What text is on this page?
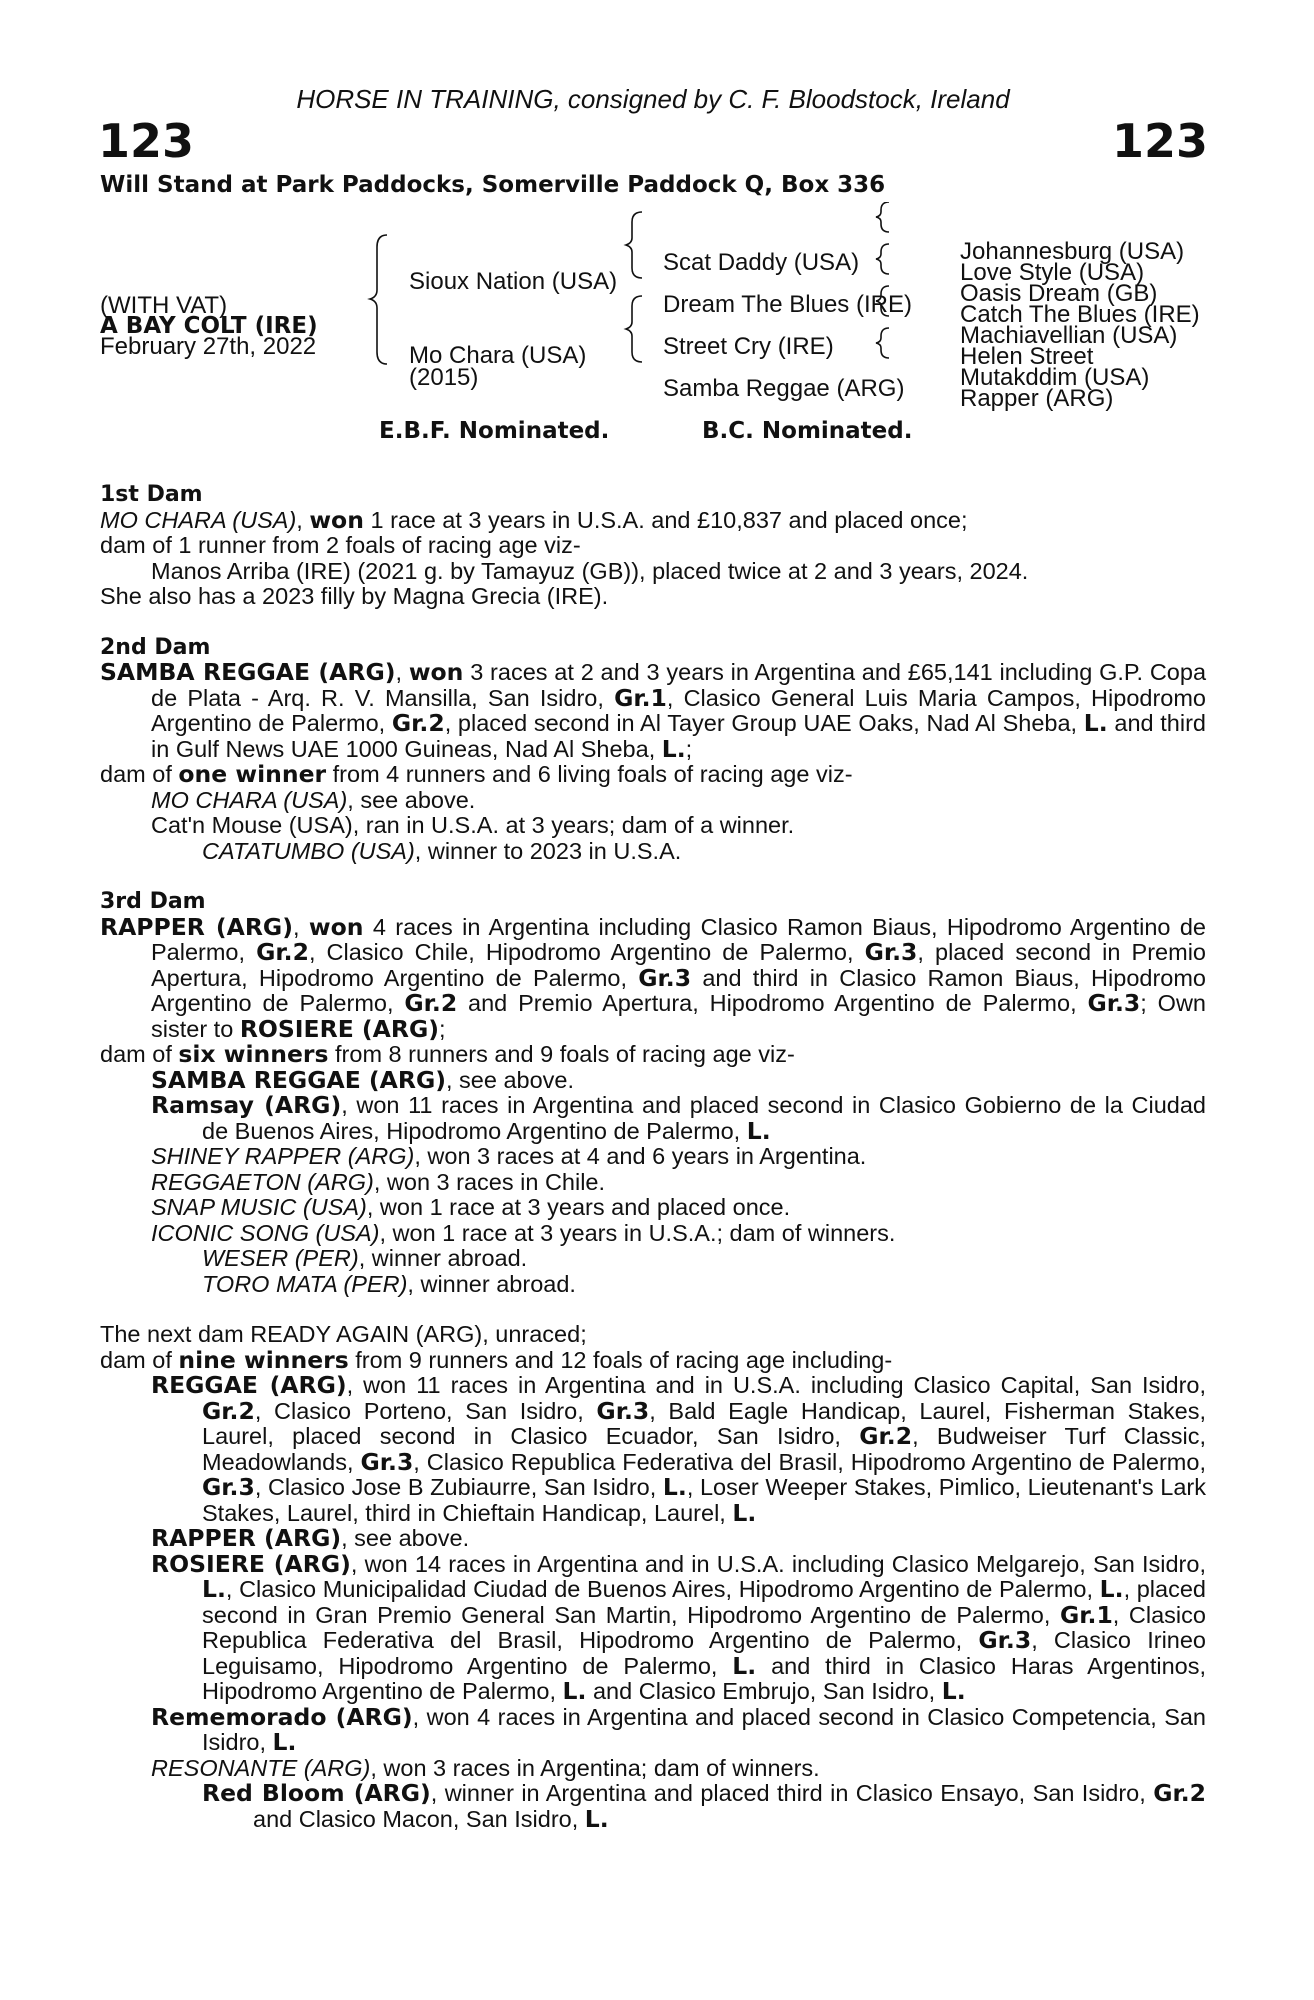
HORSE IN TRAINING, consigned by C. F. Bloodstock, Ireland
123	123
Will Stand at Park Paddocks, Somerville Paddock Q, Box 336
(WITH VAT)
A BAY COLT (IRE)
February 27th, 2022
Sioux Nation (USA)
Mo Chara (USA)
(2015)
Scat Daddy (USA)
Dream The Blues (IRE)
Street Cry (IRE)
Samba Reggae (ARG)
Johannesburg (USA)
Love Style (USA)
Oasis Dream (GB)
Catch The Blues (IRE)
Machiavellian (USA)
Helen Street
Mutakddim (USA)
Rapper (ARG)
E.B.F. Nominated.	B.C. Nominated.

1st Dam

MO CHARA (USA), won 1 race at 3 years in U.S.A. and £10,837 and placed once;

dam of 1 runner from 2 foals of racing age viz-

Manos Arriba (IRE) (2021 g. by Tamayuz (GB)), placed twice at 2 and 3 years, 2024.

She also has a 2023 filly by Magna Grecia (IRE).

2nd Dam

SAMBA REGGAE (ARG), won 3 races at 2 and 3 years in Argentina and £65,141 including G.P. Copa de Plata - Arq. R. V. Mansilla, San Isidro, Gr.1, Clasico General Luis Maria Campos, Hipodromo Argentino de Palermo, Gr.2, placed second in Al Tayer Group UAE Oaks, Nad Al Sheba, L. and third in Gulf News UAE 1000 Guineas, Nad Al Sheba, L.;

dam of one winner from 4 runners and 6 living foals of racing age viz-

MO CHARA (USA), see above.

Cat'n Mouse (USA), ran in U.S.A. at 3 years; dam of a winner.

CATATUMBO (USA), winner to 2023 in U.S.A.

3rd Dam

RAPPER (ARG), won 4 races in Argentina including Clasico Ramon Biaus, Hipodromo Argentino de Palermo, Gr.2, Clasico Chile, Hipodromo Argentino de Palermo, Gr.3, placed second in Premio Apertura, Hipodromo Argentino de Palermo, Gr.3 and third in Clasico Ramon Biaus, Hipodromo Argentino de Palermo, Gr.2 and Premio Apertura, Hipodromo Argentino de Palermo, Gr.3; Own sister to ROSIERE (ARG);

dam of six winners from 8 runners and 9 foals of racing age viz-

SAMBA REGGAE (ARG), see above.

Ramsay (ARG), won 11 races in Argentina and placed second in Clasico Gobierno de la Ciudad de Buenos Aires, Hipodromo Argentino de Palermo, L.

SHINEY RAPPER (ARG), won 3 races at 4 and 6 years in Argentina.

REGGAETON (ARG), won 3 races in Chile.

SNAP MUSIC (USA), won 1 race at 3 years and placed once.

ICONIC SONG (USA), won 1 race at 3 years in U.S.A.; dam of winners.

WESER (PER), winner abroad.

TORO MATA (PER), winner abroad.

The next dam READY AGAIN (ARG), unraced;

dam of nine winners from 9 runners and 12 foals of racing age including-

REGGAE (ARG), won 11 races in Argentina and in U.S.A. including Clasico Capital, San Isidro, Gr.2, Clasico Porteno, San Isidro, Gr.3, Bald Eagle Handicap, Laurel, Fisherman Stakes, Laurel, placed second in Clasico Ecuador, San Isidro, Gr.2, Budweiser Turf Classic, Meadowlands, Gr.3, Clasico Republica Federativa del Brasil, Hipodromo Argentino de Palermo, Gr.3, Clasico Jose B Zubiaurre, San Isidro, L., Loser Weeper Stakes, Pimlico, Lieutenant's Lark Stakes, Laurel, third in Chieftain Handicap, Laurel, L.

RAPPER (ARG), see above.

ROSIERE (ARG), won 14 races in Argentina and in U.S.A. including Clasico Melgarejo, San Isidro, L., Clasico Municipalidad Ciudad de Buenos Aires, Hipodromo Argentino de Palermo, L., placed second in Gran Premio General San Martin, Hipodromo Argentino de Palermo, Gr.1, Clasico Republica Federativa del Brasil, Hipodromo Argentino de Palermo, Gr.3, Clasico Irineo Leguisamo, Hipodromo Argentino de Palermo, L. and third in Clasico Haras Argentinos, Hipodromo Argentino de Palermo, L. and Clasico Embrujo, San Isidro, L.

Rememorado (ARG), won 4 races in Argentina and placed second in Clasico Competencia, San Isidro, L.

RESONANTE (ARG), won 3 races in Argentina; dam of winners.

Red Bloom (ARG), winner in Argentina and placed third in Clasico Ensayo, San Isidro, Gr.2 and Clasico Macon, San Isidro, L.
